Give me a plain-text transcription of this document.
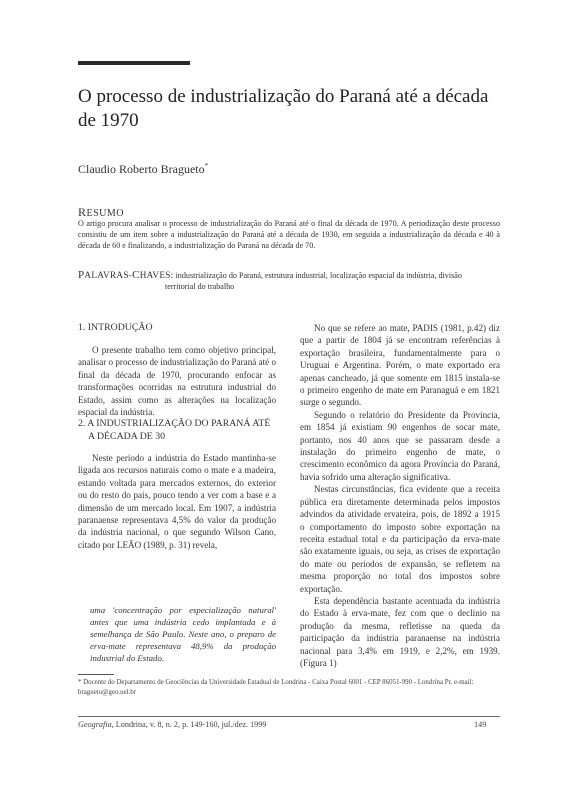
O processo de industrialização do Paraná até a década de 1970
Claudio Roberto Bragueto*
RESUMO
O artigo procura analisar o processo de industrialização do Paraná até o final da década de 1970. A periodização deste processo consistiu de um item sobre a industrialização do Paraná até a década de 1930, em seguida a industrialização da década e 40 à década de 60 e finalizando, a industrialização do Paraná na década de 70.
PALAVRAS-CHAVES: industrialização do Paraná, estrutura industrial, localização espacial da indústria, divisão
territorial do trabalho
1. INTRODUÇÃO

O presente trabalho tem como objetivo principal, analisar o processo de industrialização do Paraná até o final da década de 1970, procurando enfocar as transformações ocorridas na estrutura industrial do Estado, assim como as alterações na localização espacial da indústria.

2. A INDUSTRIALIZAÇÃO DO PARANÁ ATÉ
A DÉCADA DE 30

Neste período a indústria do Estado mantinha-se ligada aos recursos naturais como o mate e a madeira, estando voltada para mercados externos, do exterior ou do resto do país, pouco tendo a ver com a base e a dimensão de um mercado local. Em 1907, a indústria paranaense representava 4,5% do valor da produção da indústria nacional, o que segundo Wilson Cano, citado por LEÃO (1989, p. 31) revela,

uma 'concentração por especialização natural' antes que uma indústria cedo implantada e à semelhança de São Paulo. Neste ano, o preparo de erva-mate representava 48,9% da produção industrial do Estado.

No que se refere ao mate, PADIS (1981, p.42) diz que a partir de 1804 já se encontram referências à exportação brasileira, fundamentalmente para o Uruguai e Argentina. Porém, o mate exportado era apenas cancheado, já que somente em 1815 instala-se o primeiro engenho de mate em Paranaguá e em 1821 surge o segundo.

Segundo o relatório do Presidente da Província, em 1854 já existiam 90 engenhos de socar mate, portanto, nos 40 anos que se passaram desde a instalação do primeiro engenho de mate, o crescimento econômico da agora Província do Paraná, havia sofrido uma alteração significativa.

Nestas circunstâncias, fica evidente que a receita pública era diretamente determinada pelos impostos advindos da atividade ervateira, pois, de 1892 a 1915 o comportamento do imposto sobre exportação na receita estadual total e da participação da erva-mate são exatamente iguais, ou seja, as crises de exportação do mate ou períodos de expansão, se refletem na mesma proporção no total dos impostos sobre exportação.

Esta dependência bastante acentuada da indústria do Estado à erva-mate, fez com que o declínio na produção da mesma, refletisse na queda da participação da indústria paranaense na indústria nacional para 3,4% em 1919, e 2,2%, em 1939. (Figura 1)

* Docente do Departamento de Geociências da Universidade Estadual de Londrina - Caixa Postal 6001 - CEP 86051-990 - Londrina Pr. e-mail: bragueto@geo.uel.br
Geografia, Londrina, v. 8, n. 2, p. 149-160, jul./dez. 1999	149
